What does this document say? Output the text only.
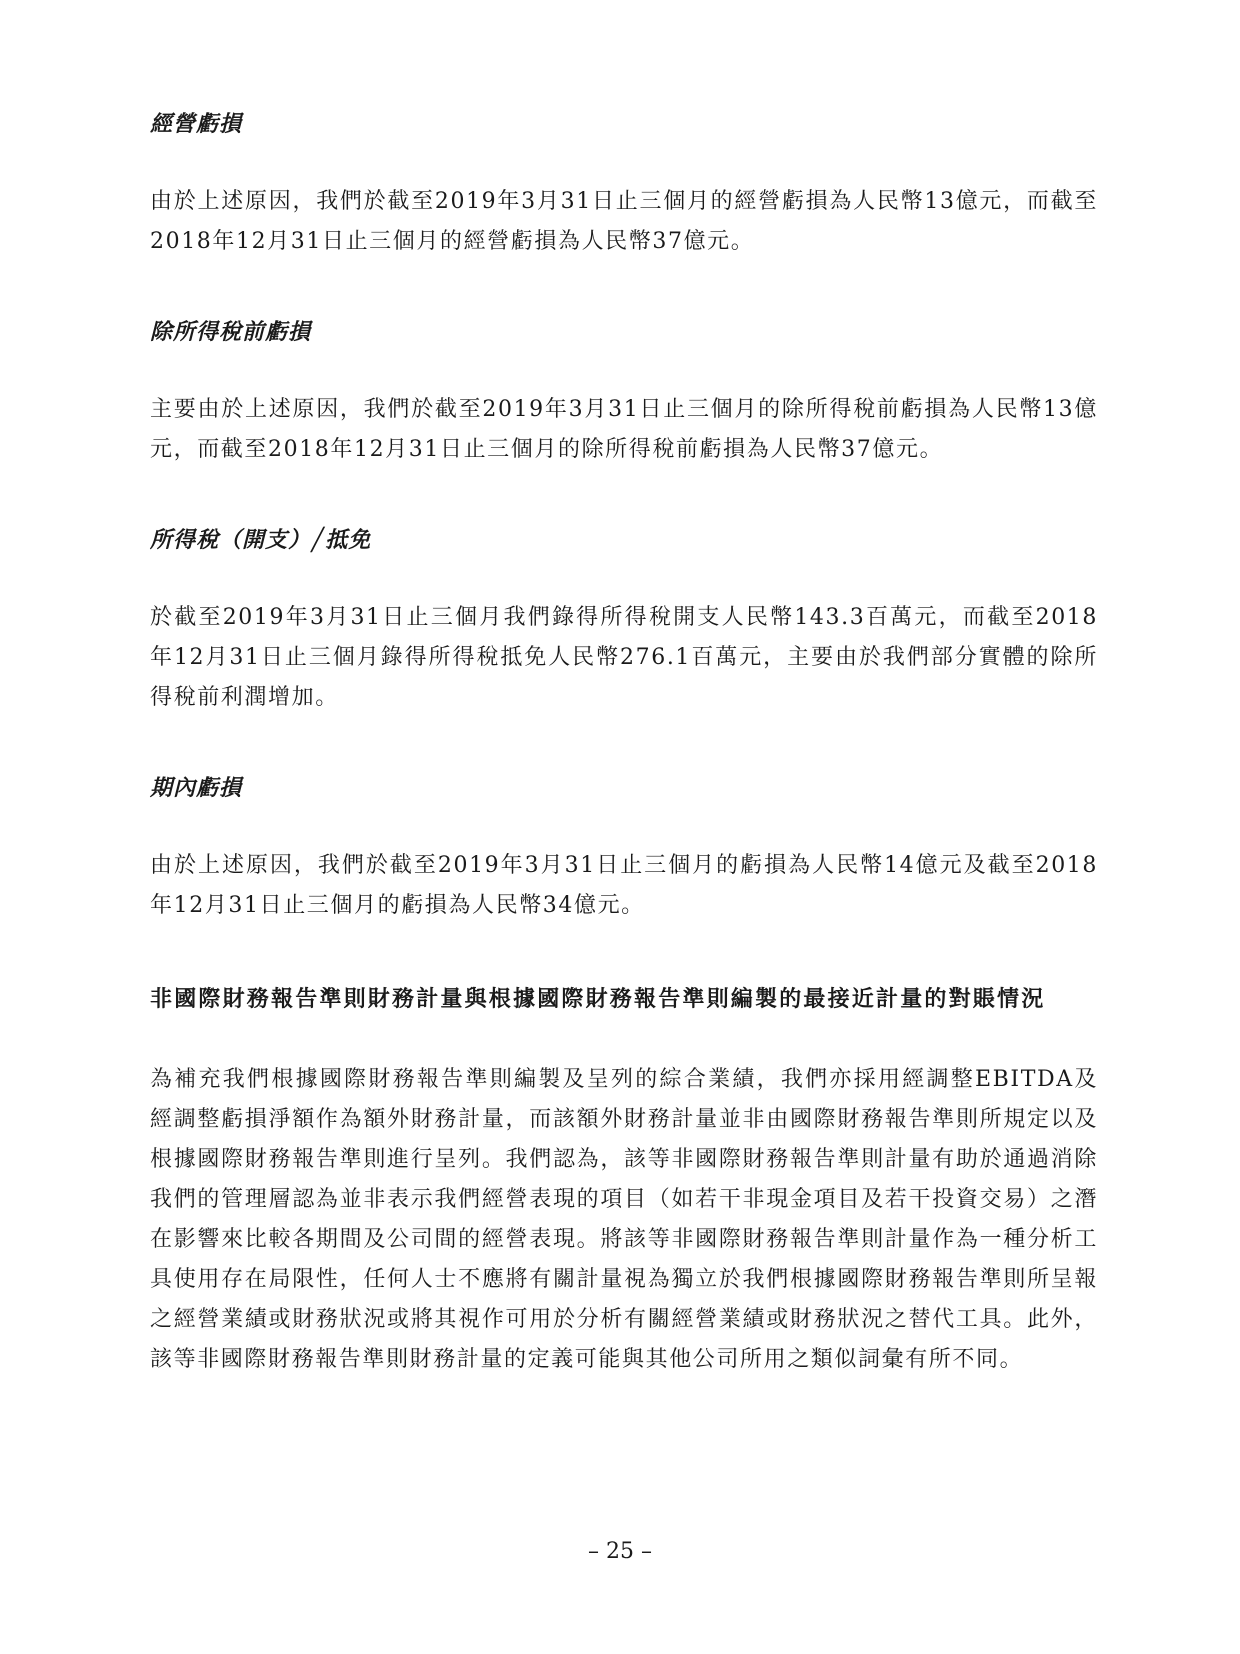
經營虧損

由於上述原因，我們於截至2019年3月31日止三個月的經營虧損為人民幣13億元，而截至2018年12月31日止三個月的經營虧損為人民幣37億元。

除所得稅前虧損

主要由於上述原因，我們於截至2019年3月31日止三個月的除所得稅前虧損為人民幣13億元，而截至2018年12月31日止三個月的除所得稅前虧損為人民幣37億元。

所得稅（開支）╱抵免

於截至2019年3月31日止三個月我們錄得所得稅開支人民幣143.3百萬元，而截至2018年12月31日止三個月錄得所得稅抵免人民幣276.1百萬元，主要由於我們部分實體的除所得稅前利潤增加。

期內虧損

由於上述原因，我們於截至2019年3月31日止三個月的虧損為人民幣14億元及截至2018年12月31日止三個月的虧損為人民幣34億元。

非國際財務報告準則財務計量與根據國際財務報告準則編製的最接近計量的對賬情況

為補充我們根據國際財務報告準則編製及呈列的綜合業績，我們亦採用經調整EBITDA及經調整虧損淨額作為額外財務計量，而該額外財務計量並非由國際財務報告準則所規定以及根據國際財務報告準則進行呈列。我們認為，該等非國際財務報告準則計量有助於通過消除我們的管理層認為並非表示我們經營表現的項目（如若干非現金項目及若干投資交易）之潛在影響來比較各期間及公司間的經營表現。將該等非國際財務報告準則計量作為一種分析工具使用存在局限性，任何人士不應將有關計量視為獨立於我們根據國際財務報告準則所呈報之經營業績或財務狀況或將其視作可用於分析有關經營業績或財務狀況之替代工具。此外，該等非國際財務報告準則財務計量的定義可能與其他公司所用之類似詞彙有所不同。

– 25 –
